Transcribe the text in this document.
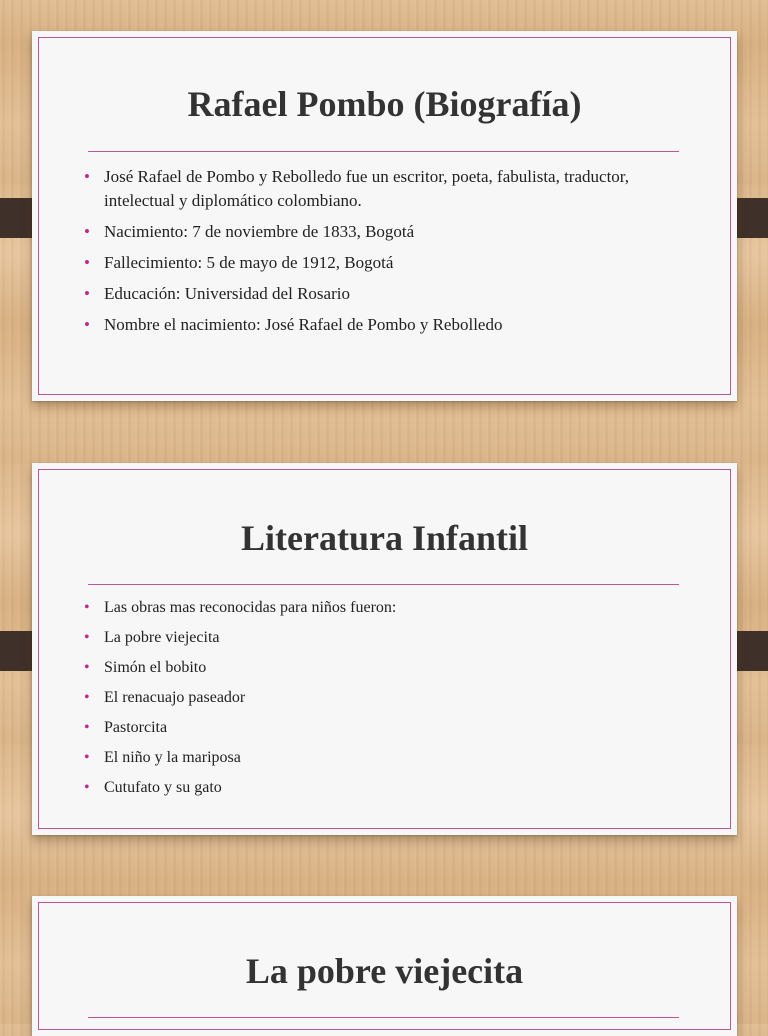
Rafael Pombo (Biografía)
• José Rafael de Pombo y Rebolledo fue un escritor, poeta, fabulista, traductor, intelectual y diplomático colombiano.
• Nacimiento: 7 de noviembre de 1833, Bogotá
• Fallecimiento: 5 de mayo de 1912, Bogotá
• Educación: Universidad del Rosario
• Nombre el nacimiento: José Rafael de Pombo y Rebolledo
Literatura Infantil
• Las obras mas reconocidas para niños fueron:
• La pobre viejecita
• Simón el bobito
• El renacuajo paseador
• Pastorcita
• El niño y la mariposa
• Cutufato y su gato
La pobre viejecita
